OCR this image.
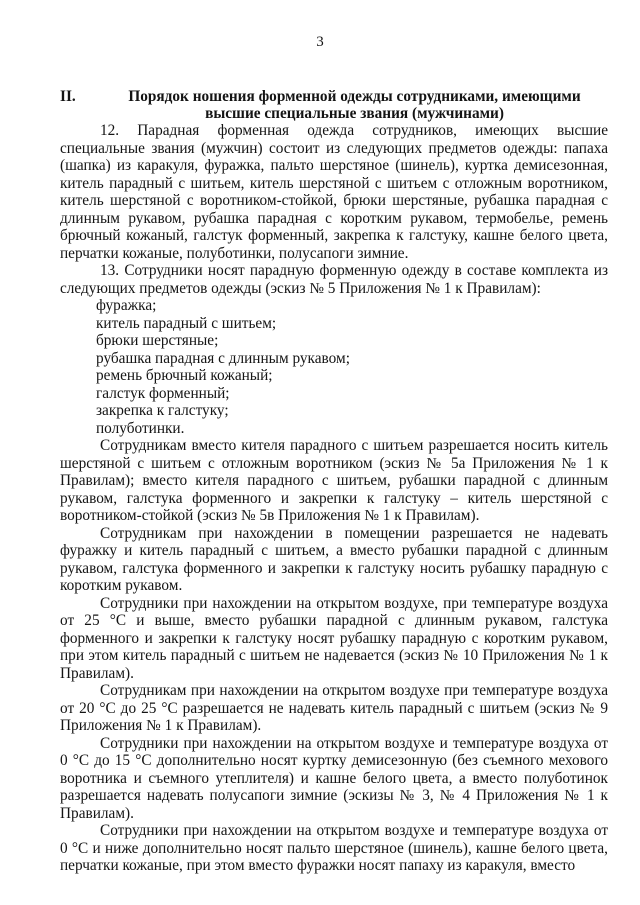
3
II.	Порядок ношения форменной одежды сотрудниками, имеющими высшие специальные звания (мужчинами)

12. Парадная форменная одежда сотрудников, имеющих высшие специальные звания (мужчин) состоит из следующих предметов одежды: папаха (шапка) из каракуля, фуражка, пальто шерстяное (шинель), куртка демисезонная, китель парадный с шитьем, китель шерстяной с шитьем с отложным воротником, китель шерстяной с воротником-стойкой, брюки шерстяные, рубашка парадная с длинным рукавом, рубашка парадная с коротким рукавом, термобелье, ремень брючный кожаный, галстук форменный, закрепка к галстуку, кашне белого цвета, перчатки кожаные, полуботинки, полусапоги зимние.

13. Сотрудники носят парадную форменную одежду в составе комплекта из следующих предметов одежды (эскиз № 5 Приложения № 1 к Правилам):

фуражка;

китель парадный с шитьем;

брюки шерстяные;

рубашка парадная с длинным рукавом;

ремень брючный кожаный;

галстук форменный;

закрепка к галстуку;

полуботинки.

Сотрудникам вместо кителя парадного с шитьем разрешается носить китель шерстяной с шитьем с отложным воротником (эскиз № 5а Приложения № 1 к Правилам); вместо кителя парадного с шитьем, рубашки парадной с длинным рукавом, галстука форменного и закрепки к галстуку – китель шерстяной с воротником-стойкой (эскиз № 5в Приложения № 1 к Правилам).

Сотрудникам при нахождении в помещении разрешается не надевать фуражку и китель парадный с шитьем, а вместо рубашки парадной с длинным рукавом, галстука форменного и закрепки к галстуку носить рубашку парадную с коротким рукавом.

Сотрудники при нахождении на открытом воздухе, при температуре воздуха от 25 °С и выше, вместо рубашки парадной с длинным рукавом, галстука форменного и закрепки к галстуку носят рубашку парадную с коротким рукавом, при этом китель парадный с шитьем не надевается (эскиз № 10 Приложения № 1 к Правилам).

Сотрудникам при нахождении на открытом воздухе при температуре воздуха от 20 °С до 25 °С разрешается не надевать китель парадный с шитьем (эскиз № 9 Приложения № 1 к Правилам).

Сотрудники при нахождении на открытом воздухе и температуре воздуха от 0 °С до 15 °С дополнительно носят куртку демисезонную (без съемного мехового воротника и съемного утеплителя) и кашне белого цвета, а вместо полуботинок разрешается надевать полусапоги зимние (эскизы № 3, № 4 Приложения № 1 к Правилам).

Сотрудники при нахождении на открытом воздухе и температуре воздуха от 0 °С и ниже дополнительно носят пальто шерстяное (шинель), кашне белого цвета, перчатки кожаные, при этом вместо фуражки носят папаху из каракуля, вместо
